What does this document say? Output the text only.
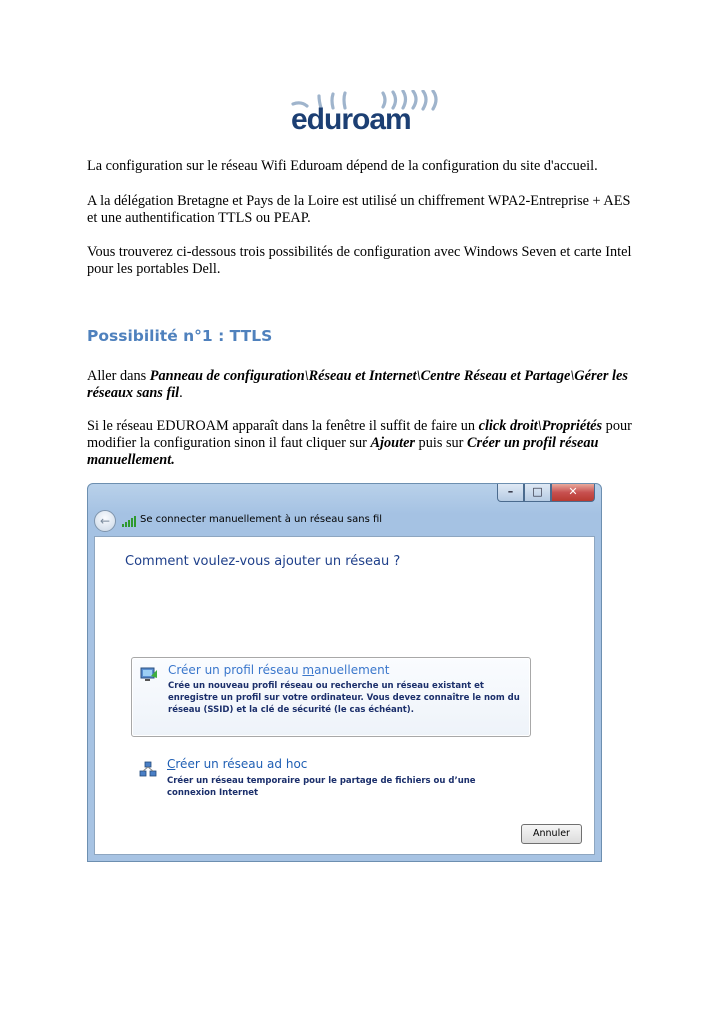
eduroam

La configuration sur le réseau Wifi Eduroam dépend de la configuration du site d'accueil.

A la délégation Bretagne et Pays de la Loire est utilisé un chiffrement WPA2-Entreprise + AES et une authentification TTLS ou PEAP.

Vous trouverez ci-dessous trois possibilités de configuration avec Windows Seven et carte Intel pour les portables Dell.

Possibilité n°1 : TTLS

Aller dans Panneau de configuration\Réseau et Internet\Centre Réseau et Partage\Gérer les réseaux sans fil.

Si le réseau EDUROAM apparaît dans la fenêtre il suffit de faire un click droit\Propriétés pour modifier la configuration sinon il faut cliquer sur Ajouter puis sur Créer un profil réseau manuellement.

–	□	✕
←	Se connecter manuellement à un réseau sans fil
Comment voulez-vous ajouter un réseau ?
Créer un profil réseau manuellement
Crée un nouveau profil réseau ou recherche un réseau existant et enregistre un profil sur votre ordinateur. Vous devez connaître le nom du réseau (SSID) et la clé de sécurité (le cas échéant).
Créer un réseau ad hoc
Créer un réseau temporaire pour le partage de fichiers ou d’une connexion Internet
Annuler
